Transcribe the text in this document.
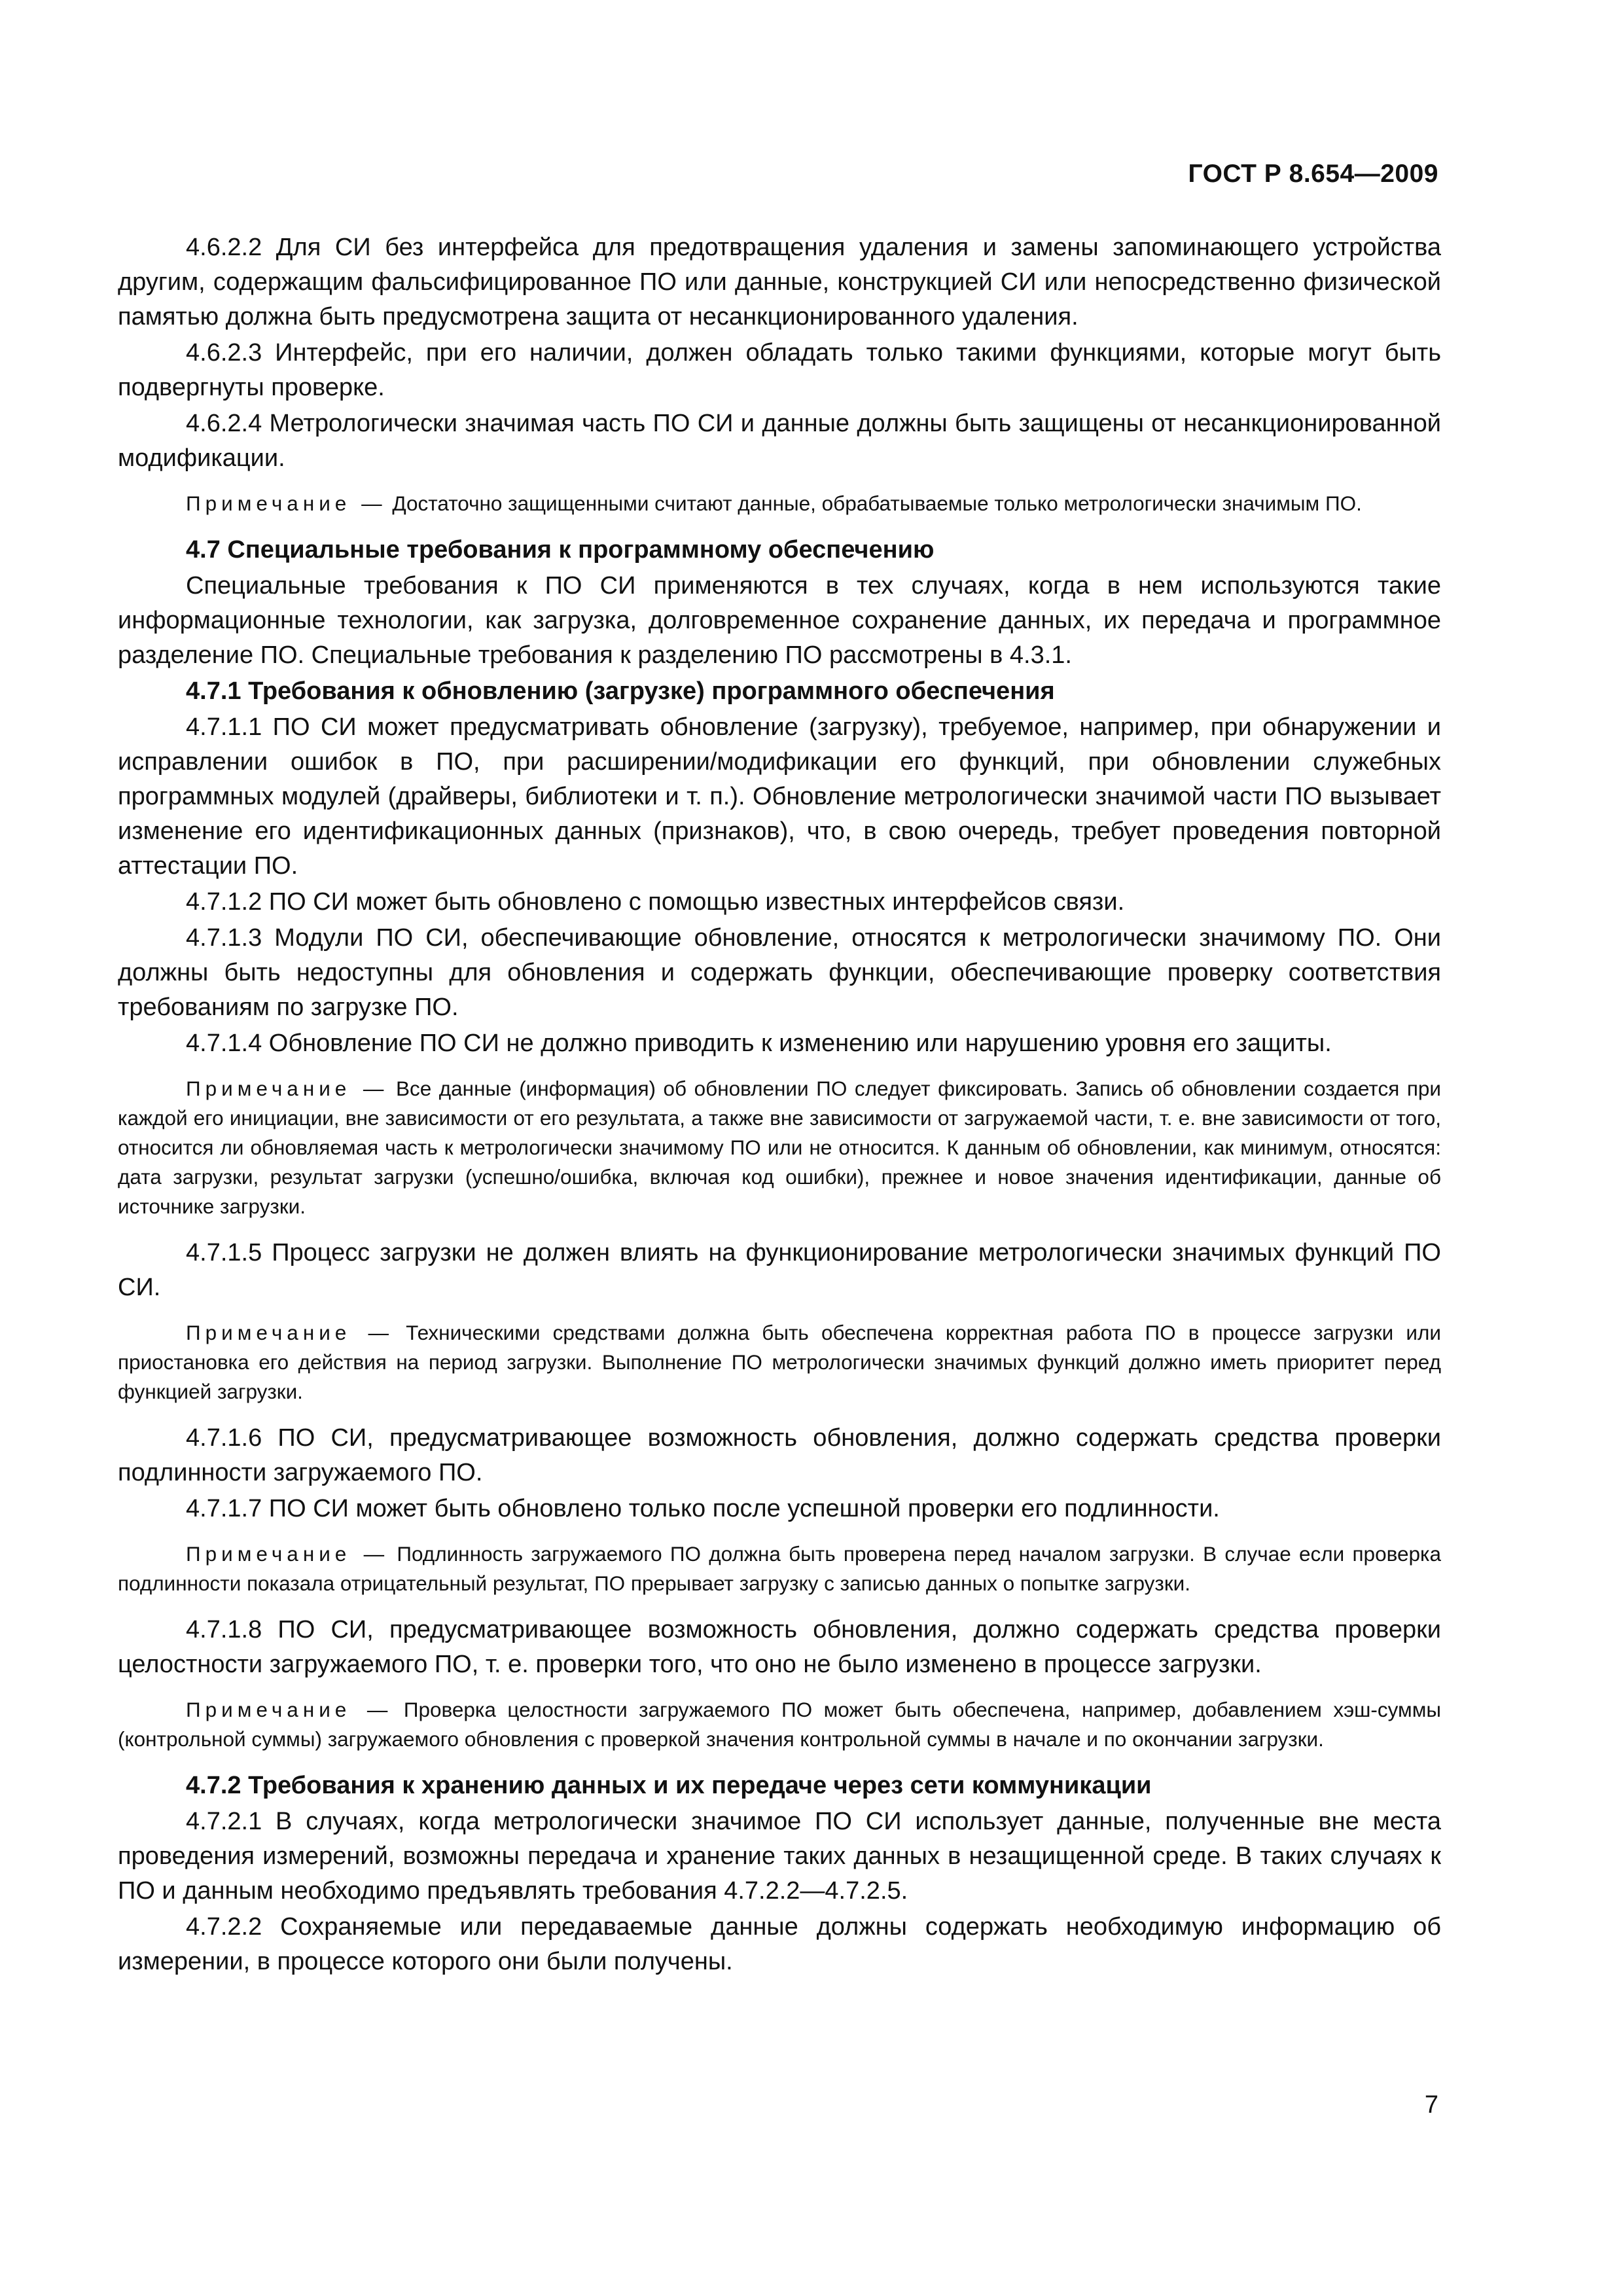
ГОСТ Р 8.654—2009

4.6.2.2 Для СИ без интерфейса для предотвращения удаления и замены запоминающего устройства другим, содержащим фальсифицированное ПО или данные, конструкцией СИ или непосредственно физической памятью должна быть предусмотрена защита от несанкционированного удаления.

4.6.2.3 Интерфейс, при его наличии, должен обладать только такими функциями, которые могут быть подвергнуты проверке.

4.6.2.4 Метрологически значимая часть ПО СИ и данные должны быть защищены от несанкционированной модификации.

Примечание — Достаточно защищенными считают данные, обрабатываемые только метрологически значимым ПО.

4.7 Специальные требования к программному обеспечению

Специальные требования к ПО СИ применяются в тех случаях, когда в нем используются такие информационные технологии, как загрузка, долговременное сохранение данных, их передача и программное разделение ПО. Специальные требования к разделению ПО рассмотрены в 4.3.1.

4.7.1 Требования к обновлению (загрузке) программного обеспечения

4.7.1.1 ПО СИ может предусматривать обновление (загрузку), требуемое, например, при обнаружении и исправлении ошибок в ПО, при расширении/модификации его функций, при обновлении служебных программных модулей (драйверы, библиотеки и т. п.). Обновление метрологически значимой части ПО вызывает изменение его идентификационных данных (признаков), что, в свою очередь, требует проведения повторной аттестации ПО.

4.7.1.2 ПО СИ может быть обновлено с помощью известных интерфейсов связи.

4.7.1.3 Модули ПО СИ, обеспечивающие обновление, относятся к метрологически значимому ПО. Они должны быть недоступны для обновления и содержать функции, обеспечивающие проверку соответствия требованиям по загрузке ПО.

4.7.1.4 Обновление ПО СИ не должно приводить к изменению или нарушению уровня его защиты.

Примечание — Все данные (информация) об обновлении ПО следует фиксировать. Запись об обновлении создается при каждой его инициации, вне зависимости от его результата, а также вне зависимости от загружаемой части, т. е. вне зависимости от того, относится ли обновляемая часть к метрологически значимому ПО или не относится. К данным об обновлении, как минимум, относятся: дата загрузки, результат загрузки (успешно/ошибка, включая код ошибки), прежнее и новое значения идентификации, данные об источнике загрузки.

4.7.1.5 Процесс загрузки не должен влиять на функционирование метрологически значимых функций ПО СИ.

Примечание — Техническими средствами должна быть обеспечена корректная работа ПО в процессе загрузки или приостановка его действия на период загрузки. Выполнение ПО метрологически значимых функций должно иметь приоритет перед функцией загрузки.

4.7.1.6 ПО СИ, предусматривающее возможность обновления, должно содержать средства проверки подлинности загружаемого ПО.

4.7.1.7 ПО СИ может быть обновлено только после успешной проверки его подлинности.

Примечание — Подлинность загружаемого ПО должна быть проверена перед началом загрузки. В случае если проверка подлинности показала отрицательный результат, ПО прерывает загрузку с записью данных о попытке загрузки.

4.7.1.8 ПО СИ, предусматривающее возможность обновления, должно содержать средства проверки целостности загружаемого ПО, т. е. проверки того, что оно не было изменено в процессе загрузки.

Примечание — Проверка целостности загружаемого ПО может быть обеспечена, например, добавлением хэш-суммы (контрольной суммы) загружаемого обновления с проверкой значения контрольной суммы в начале и по окончании загрузки.

4.7.2 Требования к хранению данных и их передаче через сети коммуникации

4.7.2.1 В случаях, когда метрологически значимое ПО СИ использует данные, полученные вне места проведения измерений, возможны передача и хранение таких данных в незащищенной среде. В таких случаях к ПО и данным необходимо предъявлять требования 4.7.2.2—4.7.2.5.

4.7.2.2 Сохраняемые или передаваемые данные должны содержать необходимую информацию об измерении, в процессе которого они были получены.

7
